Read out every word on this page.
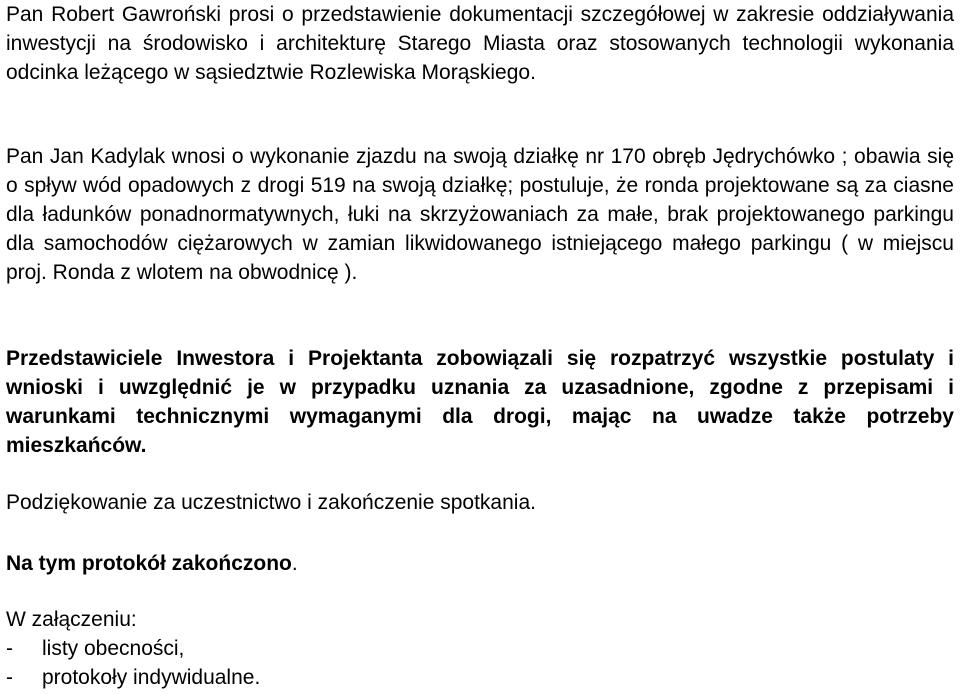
Pan Robert Gawroński prosi o przedstawienie dokumentacji szczegółowej w zakresie oddziaływania inwestycji na środowisko i architekturę Starego Miasta oraz stosowanych technologii wykonania odcinka leżącego w sąsiedztwie Rozlewiska Morąskiego.

Pan Jan Kadylak wnosi o wykonanie zjazdu na swoją działkę nr 170 obręb Jędrychówko ; obawia się o spływ wód opadowych z drogi 519 na swoją działkę; postuluje, że ronda projektowane są za ciasne dla ładunków ponadnormatywnych, łuki na skrzyżowaniach za małe, brak projektowanego parkingu dla samochodów ciężarowych w zamian likwidowanego istniejącego małego parkingu ( w miejscu proj. Ronda z wlotem na obwodnicę ).

Przedstawiciele Inwestora i Projektanta zobowiązali się rozpatrzyć wszystkie postulaty i wnioski i uwzględnić je w przypadku uznania za uzasadnione, zgodne z przepisami i warunkami technicznymi wymaganymi dla drogi, mając na uwadze także potrzeby mieszkańców.

Podziękowanie za uczestnictwo i zakończenie spotkania.

Na tym protokół zakończono.

W załączeniu:

-	listy obecności,
-	protokoły indywidualne.
